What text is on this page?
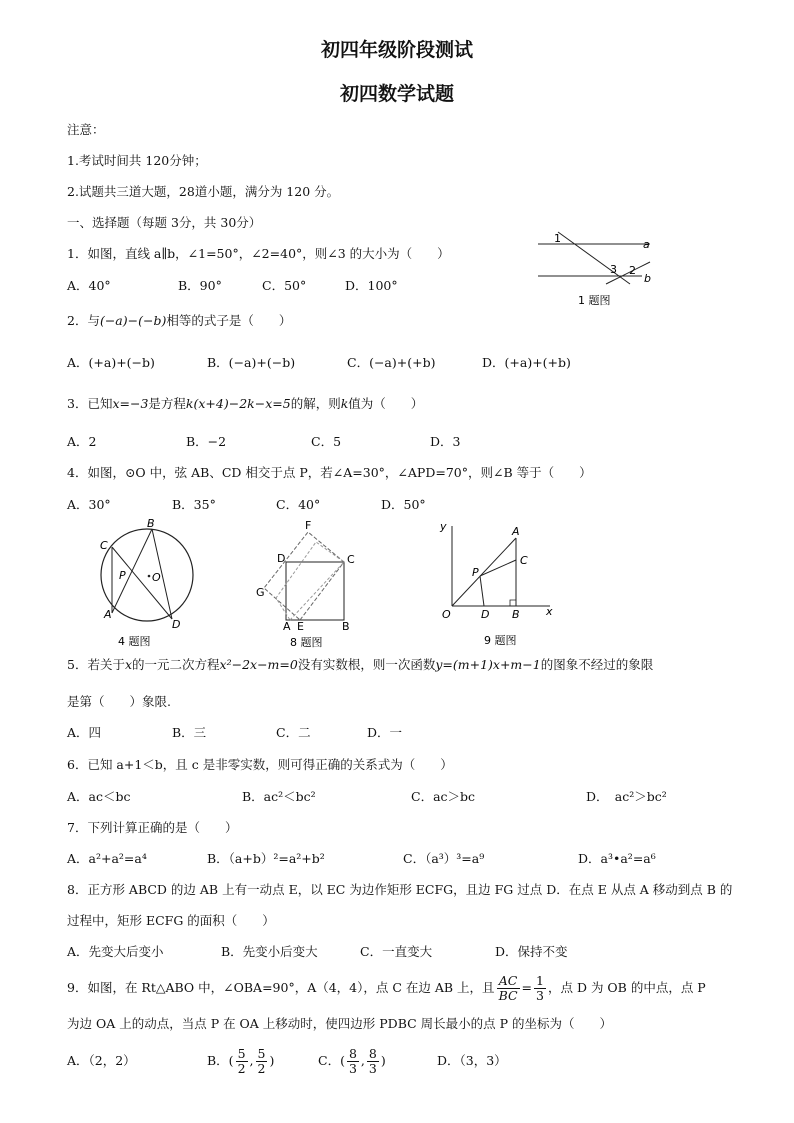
初四年级阶段测试
初四数学试题
注意：
1.考试时间共 120分钟；
2.试题共三道大题，28道小题，满分为 120 分。
一、选择题（每题 3分，共 30分）
1．如图，直线 a∥b，∠1=50°，∠2=40°，则∠3 的大小为（　　）
A．40°	B．90°	C．50°	D．100°
1
3 2
a
b
1 题图
2．与(−a)−(−b)相等的式子是（　　）
A．(+a)+(−b)	B．(−a)+(−b)	C．(−a)+(+b)	D．(+a)+(+b)
3．已知x=−3是方程k(x+4)−2k−x=5的解，则k值为（　　）
A．2	B．−2	C．5	D．3
4．如图，⊙O 中，弦 AB、CD 相交于点 P，若∠A=30°，∠APD=70°，则∠B 等于（　　）
A．30°	B．35°	C．40°	D．50°
B
C
P O
A
D
4 题图
F
C
D
G
A E	B
8 题图
y	A
C
P
O	D B x
9 题图
5．若关于x的一元二次方程x²−2x−m=0没有实数根，则一次函数y=(m+1)x+m−1的图象不经过的象限
是第（　　）象限.
A．四	B．三	C．二	D．一
6．已知 a+1＜b，且 c 是非零实数，则可得正确的关系式为（　　）
A．ac＜bc	B．ac²＜bc²	C．ac＞bc	D．　ac²＞bc²
7．下列计算正确的是（　　）
A．a²+a²=a⁴	B．（a+b）²=a²+b²	C．（a³）³=a⁹	D．a³•a²=a⁶
8．正方形 ABCD 的边 AB 上有一动点 E，以 EC 为边作矩形 ECFG，且边 FG 过点 D．在点 E 从点 A 移动到点 B 的
过程中，矩形 ECFG 的面积（　　）
A．先变大后变小	B．先变小后变大	C．一直变大	D．保持不变
9．如图，在 Rt△ABO 中，∠OBA=90°，A（4，4），点 C 在边 AB 上，且 $\frac{AC}{BC} = \frac{1}{3}$ ，点 D 为 OB 的中点，点 P
为边 OA 上的动点，当点 P 在 OA 上移动时，使四边形 PDBC 周长最小的点 P 的坐标为（　　）
A．（2，2）	B．( $\frac{5}{2}$ , $\frac{5}{2}$ )	C．( $\frac{8}{3}$ , $\frac{8}{3}$ )	D．（3，3）
